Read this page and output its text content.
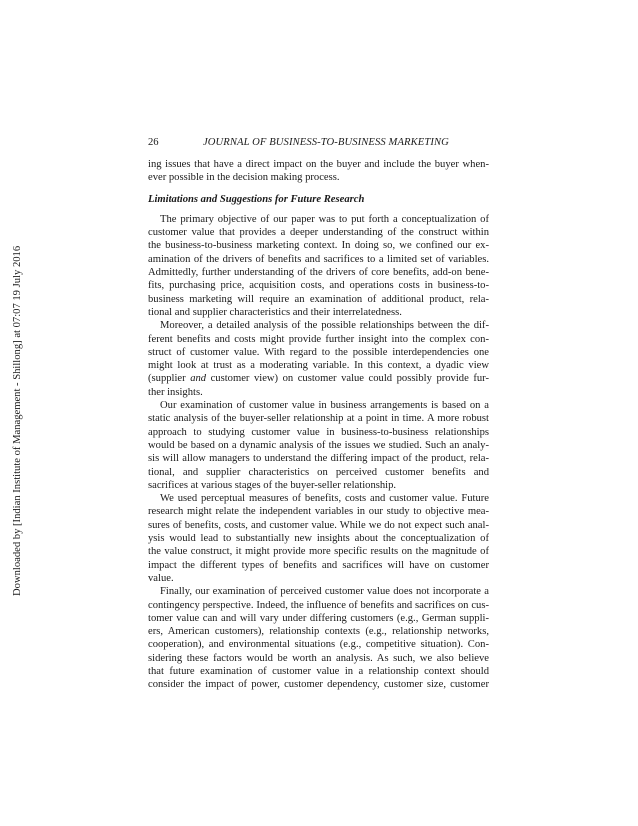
Downloaded by [Indian Institute of Management - Shillong] at 07:07 19 July 2016
26	JOURNAL OF BUSINESS-TO-BUSINESS MARKETING
ing issues that have a direct impact on the buyer and include the buyer when-
ever possible in the decision making process.
Limitations and Suggestions for Future Research
The primary objective of our paper was to put forth a conceptualization of
customer value that provides a deeper understanding of the construct within
the business-to-business marketing context. In doing so, we confined our ex-
amination of the drivers of benefits and sacrifices to a limited set of variables.
Admittedly, further understanding of the drivers of core benefits, add-on bene-
fits, purchasing price, acquisition costs, and operations costs in business-to-
business marketing will require an examination of additional product, rela-
tional and supplier characteristics and their interrelatedness.
Moreover, a detailed analysis of the possible relationships between the dif-
ferent benefits and costs might provide further insight into the complex con-
struct of customer value. With regard to the possible interdependencies one
might look at trust as a moderating variable. In this context, a dyadic view
(supplier and customer view) on customer value could possibly provide fur-
ther insights.
Our examination of customer value in business arrangements is based on a
static analysis of the buyer-seller relationship at a point in time. A more robust
approach to studying customer value in business-to-business relationships
would be based on a dynamic analysis of the issues we studied. Such an analy-
sis will allow managers to understand the differing impact of the product, rela-
tional, and supplier characteristics on perceived customer benefits and
sacrifices at various stages of the buyer-seller relationship.
We used perceptual measures of benefits, costs and customer value. Future
research might relate the independent variables in our study to objective mea-
sures of benefits, costs, and customer value. While we do not expect such anal-
ysis would lead to substantially new insights about the conceptualization of
the value construct, it might provide more specific results on the magnitude of
impact the different types of benefits and sacrifices will have on customer
value.
Finally, our examination of perceived customer value does not incorporate a
contingency perspective. Indeed, the influence of benefits and sacrifices on cus-
tomer value can and will vary under differing customers (e.g., German suppli-
ers, American customers), relationship contexts (e.g., relationship networks,
cooperation), and environmental situations (e.g., competitive situation). Con-
sidering these factors would be worth an analysis. As such, we also believe
that future examination of customer value in a relationship context should
consider the impact of power, customer dependency, customer size, customer
